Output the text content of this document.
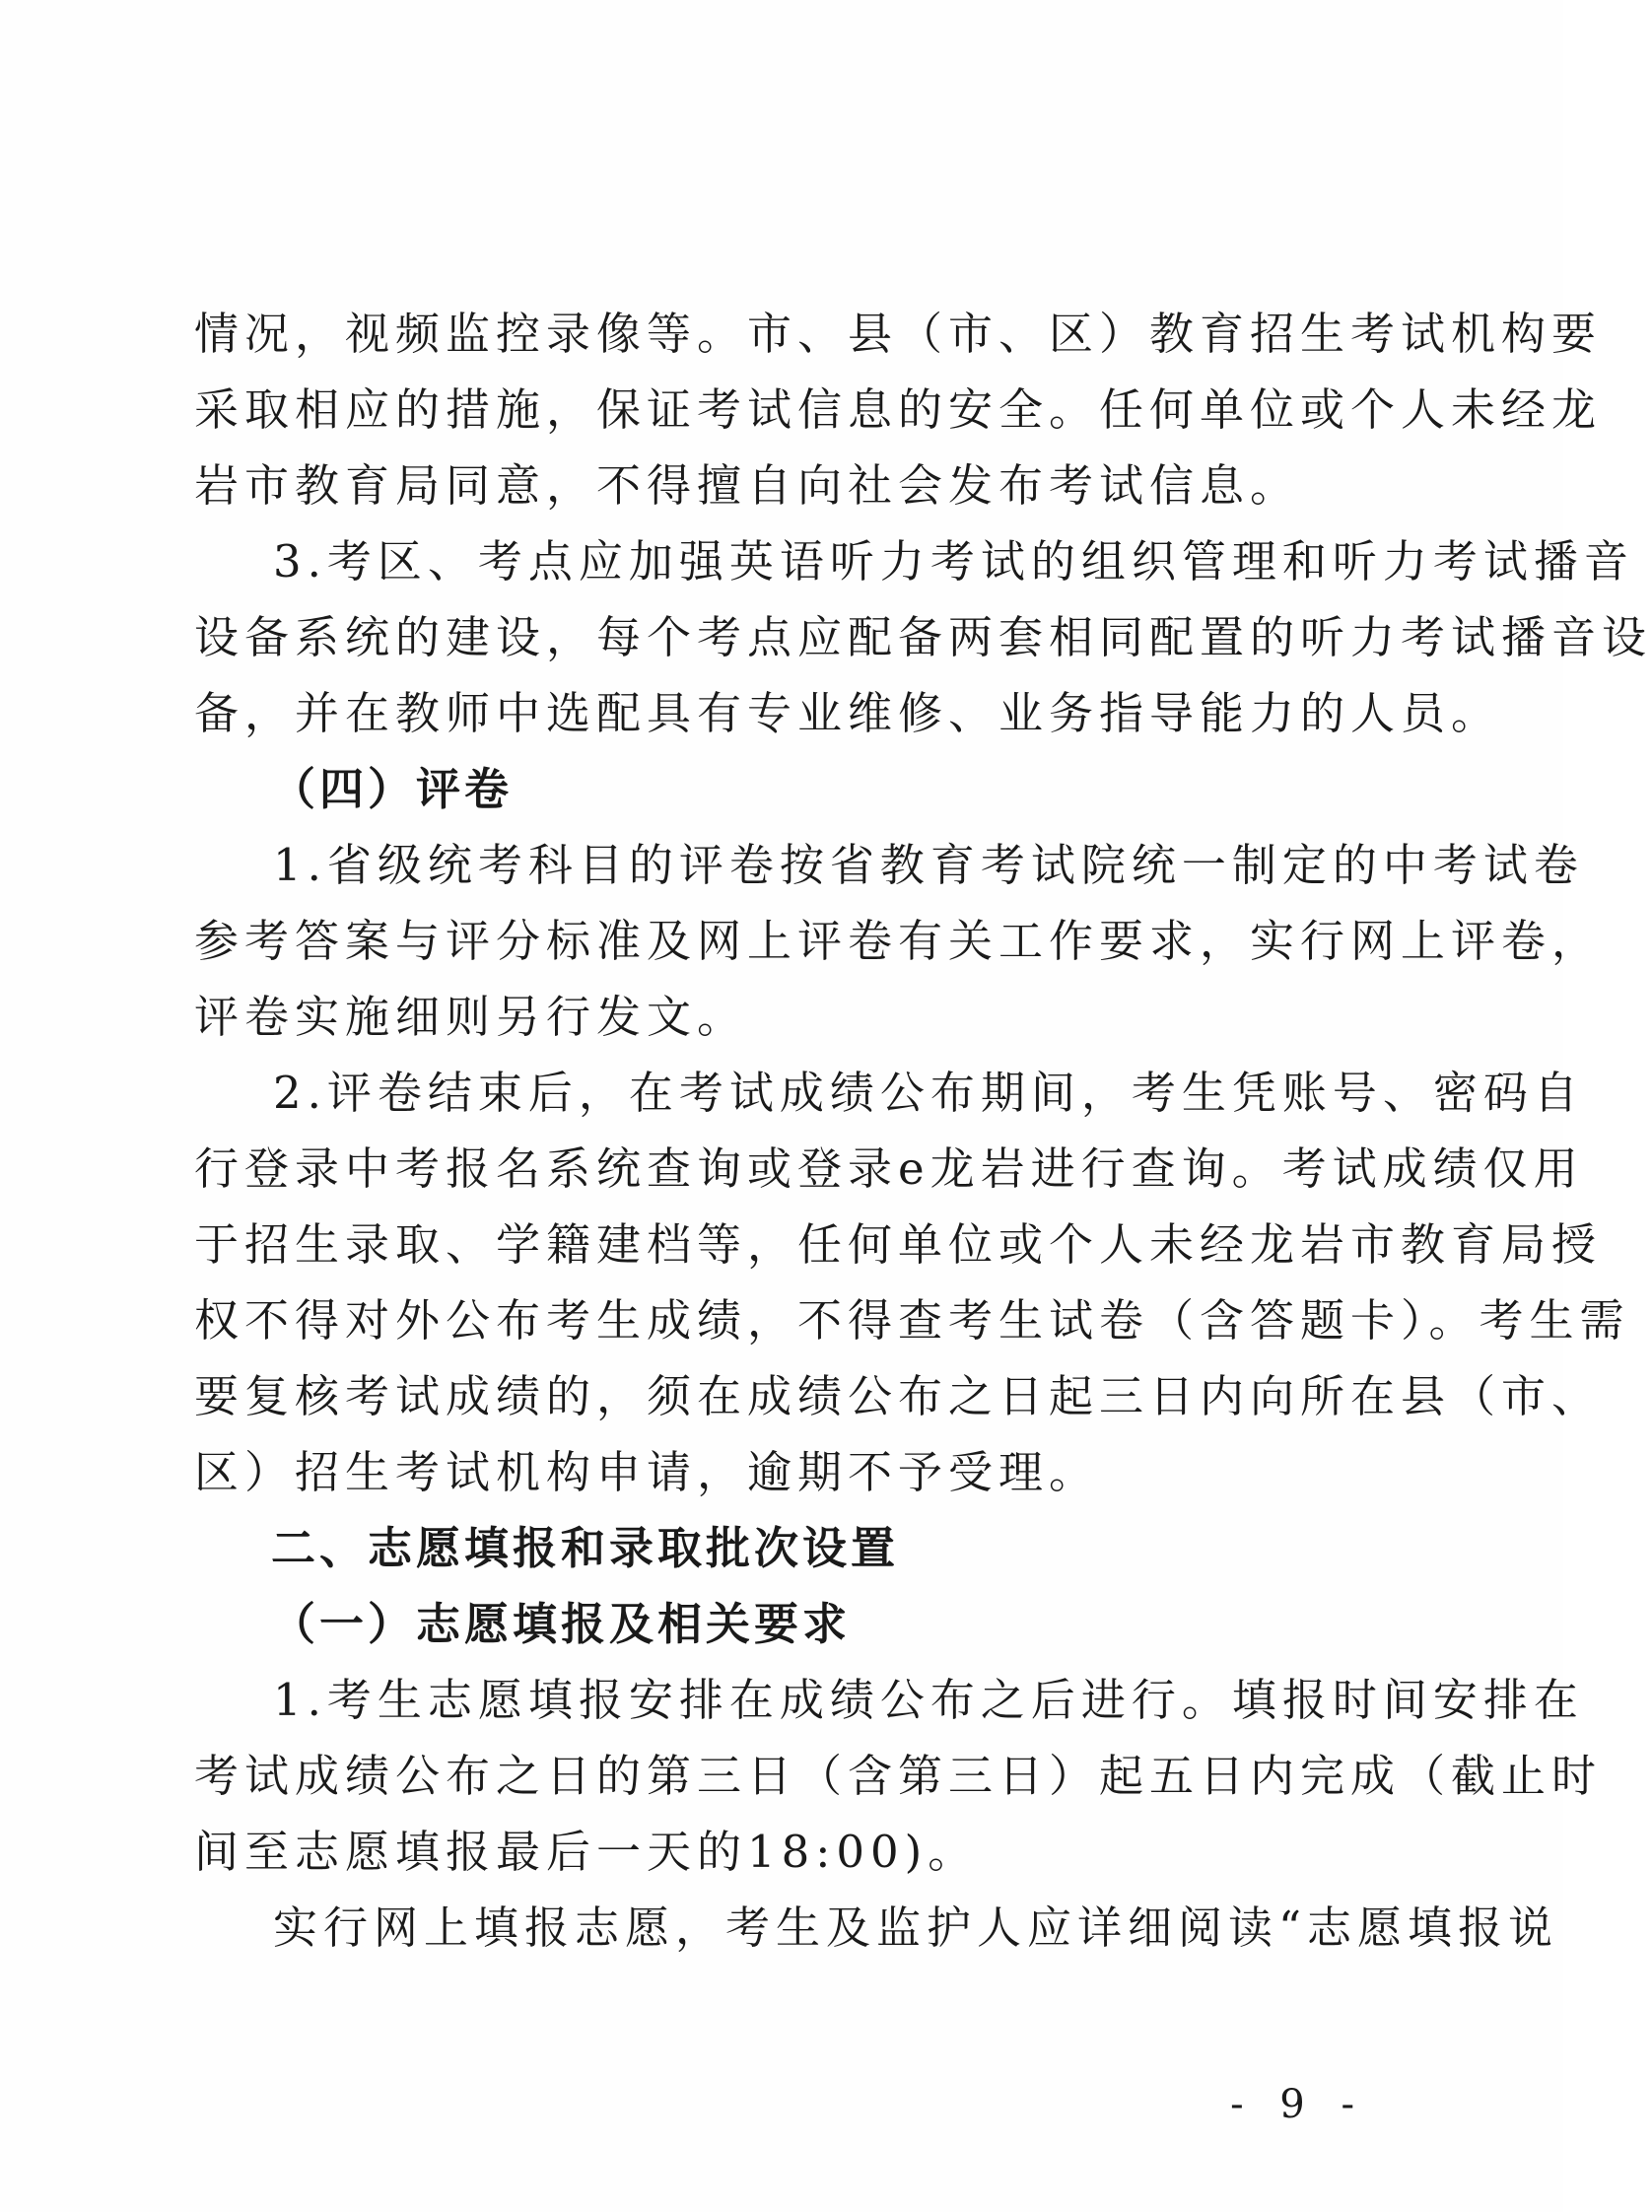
情况，视频监控录像等。市、县（市、区）教育招生考试机构要
采取相应的措施，保证考试信息的安全。任何单位或个人未经龙
岩市教育局同意，不得擅自向社会发布考试信息。
3.考区、考点应加强英语听力考试的组织管理和听力考试播音
设备系统的建设，每个考点应配备两套相同配置的听力考试播音设
备，并在教师中选配具有专业维修、业务指导能力的人员。
（四）评卷
1.省级统考科目的评卷按省教育考试院统一制定的中考试卷
参考答案与评分标准及网上评卷有关工作要求，实行网上评卷，
评卷实施细则另行发文。
2.评卷结束后，在考试成绩公布期间，考生凭账号、密码自
行登录中考报名系统查询或登录e龙岩进行查询。考试成绩仅用
于招生录取、学籍建档等，任何单位或个人未经龙岩市教育局授
权不得对外公布考生成绩，不得查考生试卷（含答题卡）。考生需
要复核考试成绩的，须在成绩公布之日起三日内向所在县（市、
区）招生考试机构申请，逾期不予受理。
二、志愿填报和录取批次设置
（一）志愿填报及相关要求
1.考生志愿填报安排在成绩公布之后进行。填报时间安排在
考试成绩公布之日的第三日（含第三日）起五日内完成（截止时
间至志愿填报最后一天的18:00)。
实行网上填报志愿，考生及监护人应详细阅读“志愿填报说
- 9 -
